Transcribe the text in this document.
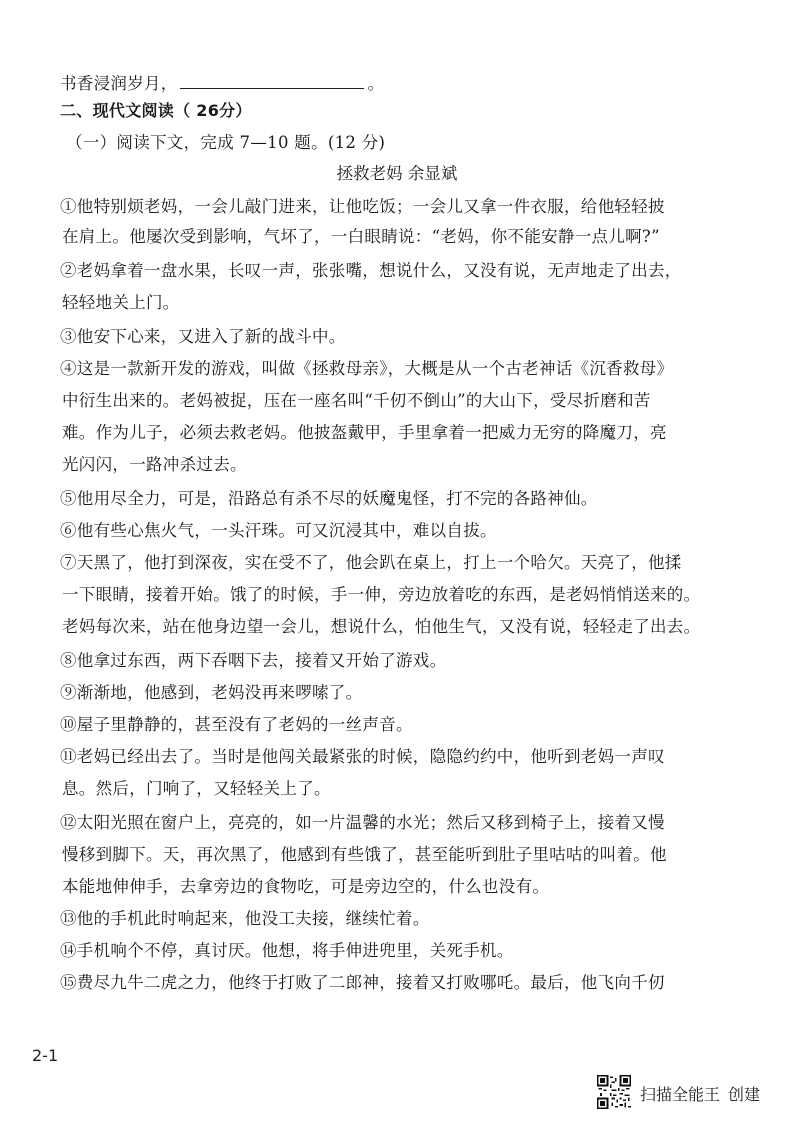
书香浸润岁月，	。
二、现代文阅读（ 26分）
（一）阅读下文，完成 7—10 题。(12 分)
拯救老妈 余显斌
①他特别烦老妈，一会儿敲门进来，让他吃饭；一会儿又拿一件衣服，给他轻轻披
在肩上。他屡次受到影响，气坏了，一白眼睛说：“老妈，你不能安静一点儿啊?”
②老妈拿着一盘水果，长叹一声，张张嘴，想说什么，又没有说，无声地走了出去，
轻轻地关上门。
③他安下心来，又进入了新的战斗中。
④这是一款新开发的游戏，叫做《拯救母亲》，大概是从一个古老神话《沉香救母》
中衍生出来的。老妈被捉，压在一座名叫“千仞不倒山”的大山下，受尽折磨和苦
难。作为儿子，必须去救老妈。他披盔戴甲，手里拿着一把威力无穷的降魔刀，亮
光闪闪，一路冲杀过去。
⑤他用尽全力，可是，沿路总有杀不尽的妖魔鬼怪，打不完的各路神仙。
⑥他有些心焦火气，一头汗珠。可又沉浸其中，难以自拔。
⑦天黑了，他打到深夜，实在受不了，他会趴在桌上，打上一个哈欠。天亮了，他揉
一下眼睛，接着开始。饿了的时候，手一伸，旁边放着吃的东西，是老妈悄悄送来的。
老妈每次来，站在他身边望一会儿，想说什么，怕他生气，又没有说，轻轻走了出去。
⑧他拿过东西，两下吞咽下去，接着又开始了游戏。
⑨渐渐地，他感到，老妈没再来啰嗦了。
⑩屋子里静静的，甚至没有了老妈的一丝声音。
⑪老妈已经出去了。当时是他闯关最紧张的时候，隐隐约约中，他听到老妈一声叹
息。然后，门响了，又轻轻关上了。
⑫太阳光照在窗户上，亮亮的，如一片温馨的水光；然后又移到椅子上，接着又慢
慢移到脚下。天，再次黑了，他感到有些饿了，甚至能听到肚子里咕咕的叫着。他
本能地伸伸手，去拿旁边的食物吃，可是旁边空的，什么也没有。
⑬他的手机此时响起来，他没工夫接，继续忙着。
⑭手机响个不停，真讨厌。他想，将手伸进兜里，关死手机。
⑮费尽九牛二虎之力，他终于打败了二郎神，接着又打败哪吒。最后，他飞向千仞
2-1
扫描全能王 创建
